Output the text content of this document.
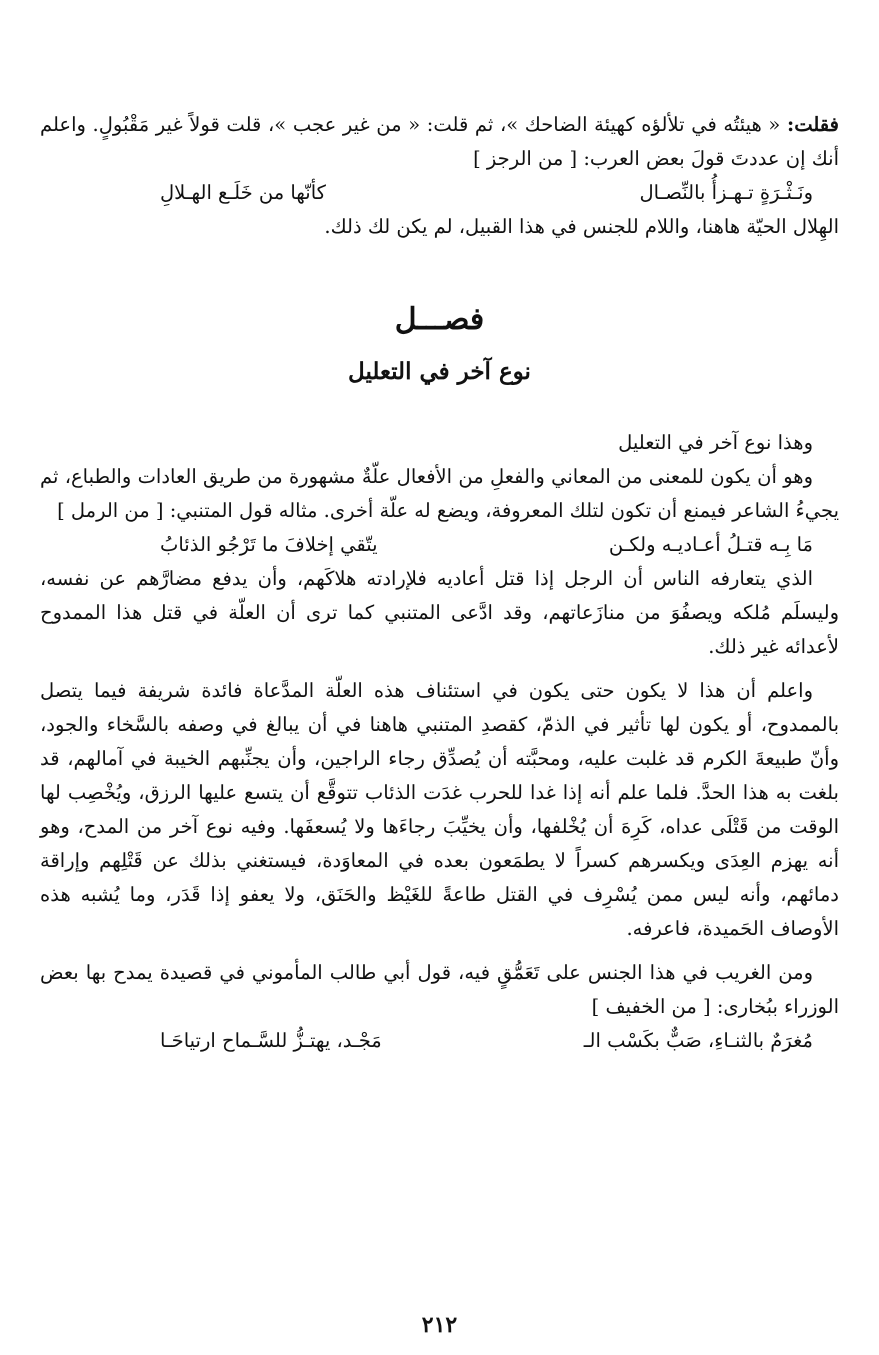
فقلت: « هيئتُه في تلألؤه كهيئة الضاحك »، ثم قلت: « من غير عجب »، قلت قولاً غير مَقْبُولٍ. واعلم أنك إن عددتَ قولَ بعض العرب: [ من الرجز ]

ونَـثْـرَةٍ تـهـزأُ بالنِّصـال
كأنّها من خَلَـع الهـلالِ

الهِلال الحيّة هاهنا، واللام للجنس في هذا القبيل، لم يكن لك ذلك.

فصـــل
نوع آخر في التعليل

وهذا نوع آخر في التعليل

وهو أن يكون للمعنى من المعاني والفعلِ من الأفعال علّةٌ مشهورة من طريق العادات والطباع، ثم يجيءُ الشاعر فيمنع أن تكون لتلك المعروفة، ويضع له علّة أخرى. مثاله قول المتنبي: [ من الرمل ]

مَا بِـه قتـلُ أعـاديـه ولكـن
يتّقي إخلافَ ما تَرْجُو الذئابُ

الذي يتعارفه الناس أن الرجل إذا قتل أعاديه فلإرادته هلاكَهم، وأن يدفع مضارَّهم عن نفسه، وليسلَم مُلكه ويصفُوَ من منازَعاتهم، وقد ادَّعى المتنبي كما ترى أن العلّة في قتل هذا الممدوح لأعدائه غير ذلك.

واعلم أن هذا لا يكون حتى يكون في استئناف هذه العلّة المدَّعاة فائدة شريفة فيما يتصل بالممدوح، أو يكون لها تأثير في الذمّ، كقصدِ المتنبي هاهنا في أن يبالغ في وصفه بالسَّخاء والجود، وأنّ طبيعةَ الكرم قد غلبت عليه، ومحبَّته أن يُصدِّق رجاء الراجين، وأن يجنِّبهم الخيبة في آمالهم، قد بلغت به هذا الحدَّ. فلما علم أنه إذا غدا للحرب غدَت الذئاب تتوقَّع أن يتسع عليها الرزق، ويُخْصِب لها الوقت من قَتْلَى عداه، كَرِهَ أن يُخْلفها، وأن يخيِّبَ رجاءَها ولا يُسعفَها. وفيه نوع آخر من المدح، وهو أنه يهزم العِدَى ويكسرهم كسراً لا يطمَعون بعده في المعاوَدة، فيستغني بذلك عن قَتْلِهم وإراقة دمائهم، وأنه ليس ممن يُسْرِف في القتل طاعةً للغَيْظ والحَنَق، ولا يعفو إذا قَدَر، وما يُشبه هذه الأوصاف الحَميدة، فاعرفه.

ومن الغريب في هذا الجنس على تَعَمُّقٍ فيه، قول أبي طالب المأموني في قصيدة يمدح بها بعض الوزراء ببُخارى: [ من الخفيف ]

مُغرَمٌ بالثنـاءِ، صَبٌّ بكَسْب الـ
مَجْـد، يهتـزُّ للسَّـماح ارتياحَـا
٢١٢
